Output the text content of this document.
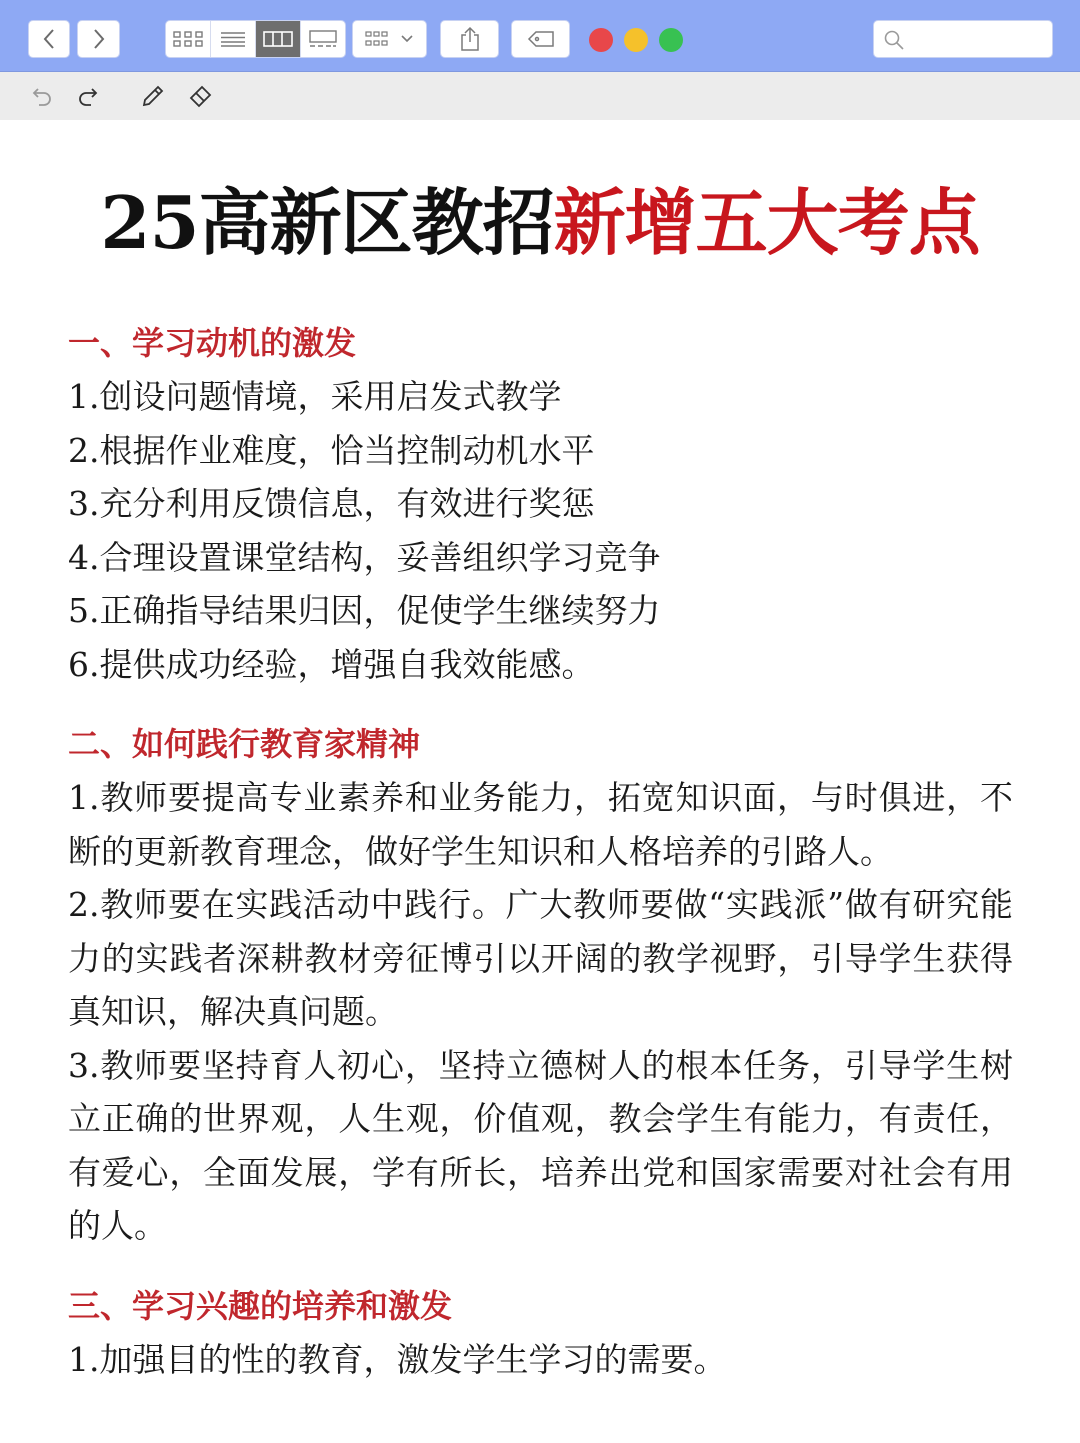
25高新区教招新增五大考点

一、学习动机的激发

1.创设问题情境，采用启发式教学

2.根据作业难度，恰当控制动机水平

3.充分利用反馈信息，有效进行奖惩

4.合理设置课堂结构，妥善组织学习竞争

5.正确指导结果归因，促使学生继续努力

6.提供成功经验，增强自我效能感。

二、如何践行教育家精神

1.教师要提高专业素养和业务能力，拓宽知识面，与时俱进，不断的更新教育理念，做好学生知识和人格培养的引路人。

2.教师要在实践活动中践行。广大教师要做“实践派”做有研究能力的实践者深耕教材旁征博引以开阔的教学视野，引导学生获得真知识，解决真问题。

3.教师要坚持育人初心，坚持立德树人的根本任务，引导学生树立正确的世界观，人生观，价值观，教会学生有能力，有责任，有爱心，全面发展，学有所长，培养出党和国家需要对社会有用的人。

三、学习兴趣的培养和激发

1.加强目的性的教育，激发学生学习的需要。
